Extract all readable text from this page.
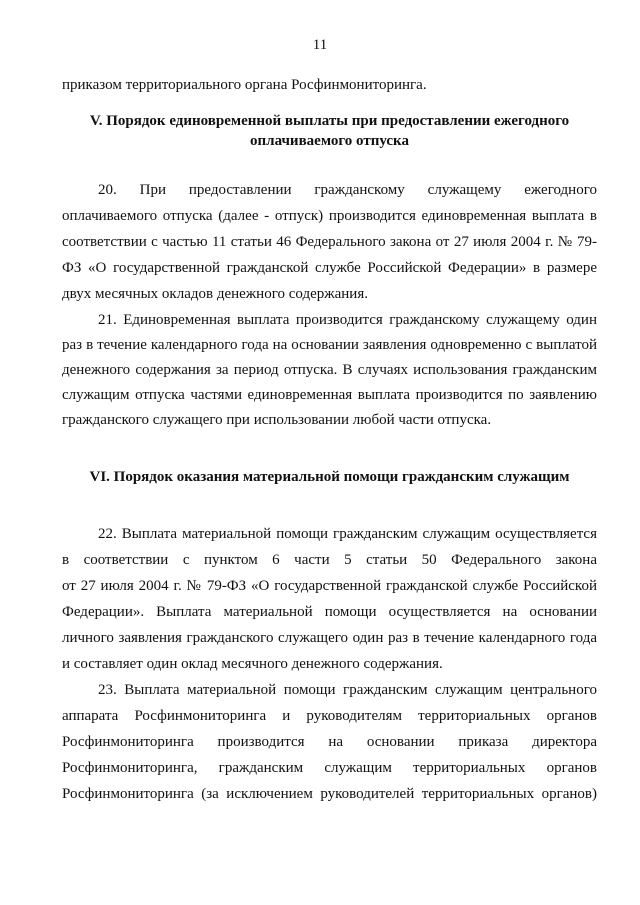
11
приказом территориального органа Росфинмониторинга.
V. Порядок единовременной выплаты при предоставлении ежегодного
оплачиваемого отпуска
20. При предоставлении гражданскому служащему ежегодного
оплачиваемого отпуска (далее - отпуск) производится единовременная выплата в
соответствии с частью 11 статьи 46 Федерального закона от 27 июля 2004 г. № 79-
ФЗ «О государственной гражданской службе Российской Федерации» в размере
двух месячных окладов денежного содержания.
21. Единовременная выплата производится гражданскому служащему один
раз в течение календарного года на основании заявления одновременно с выплатой
денежного содержания за период отпуска. В случаях использования гражданским
служащим отпуска частями единовременная выплата производится по заявлению
гражданского служащего при использовании любой части отпуска.
VI. Порядок оказания материальной помощи гражданским служащим
22. Выплата материальной помощи гражданским служащим осуществляется
в соответствии с пунктом 6 части 5 статьи 50 Федерального закона
от 27 июля 2004 г. № 79-ФЗ «О государственной гражданской службе Российской
Федерации». Выплата материальной помощи осуществляется на основании
личного заявления гражданского служащего один раз в течение календарного года
и составляет один оклад месячного денежного содержания.
23. Выплата материальной помощи гражданским служащим центрального
аппарата Росфинмониторинга и руководителям территориальных органов
Росфинмониторинга производится на основании приказа директора
Росфинмониторинга, гражданским служащим территориальных органов
Росфинмониторинга (за исключением руководителей территориальных органов)
